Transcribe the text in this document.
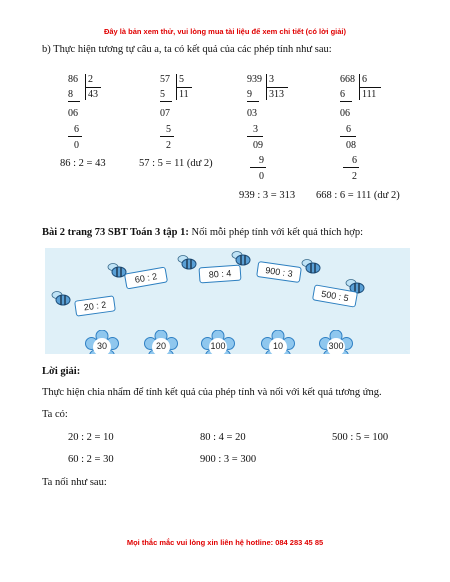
Đây là bản xem thử, vui lòng mua tài liệu để xem chi tiết (có lời giải)
b) Thực hiện tương tự câu a, ta có kết quả của các phép tính như sau:
86 2
43
8
06
6
0
86 : 2 = 43
57 5
11
5
07
5
2
57 : 5 = 11 (dư 2)
939 3
313
9
03
3
09
9
0
939 : 3 = 313
668 6
111
6
06
6
08
6
2
668 : 6 = 111 (dư 2)
Bài 2 trang 73 SBT Toán 3 tập 1: Nối mỗi phép tính với kết quả thích hợp:
60 : 2	80 : 4	900 : 3
20 : 2
500 : 5
30	20	100	10	300
Lời giải:
Thực hiện chia nhẩm để tính kết quả của phép tính và nối với kết quả tương ứng.
Ta có:
20 : 2 = 10	80 : 4 = 20	500 : 5 = 100
60 : 2 = 30	900 : 3 = 300
Ta nối như sau:
Mọi thắc mắc vui lòng xin liên hệ hotline: 084 283 45 85
